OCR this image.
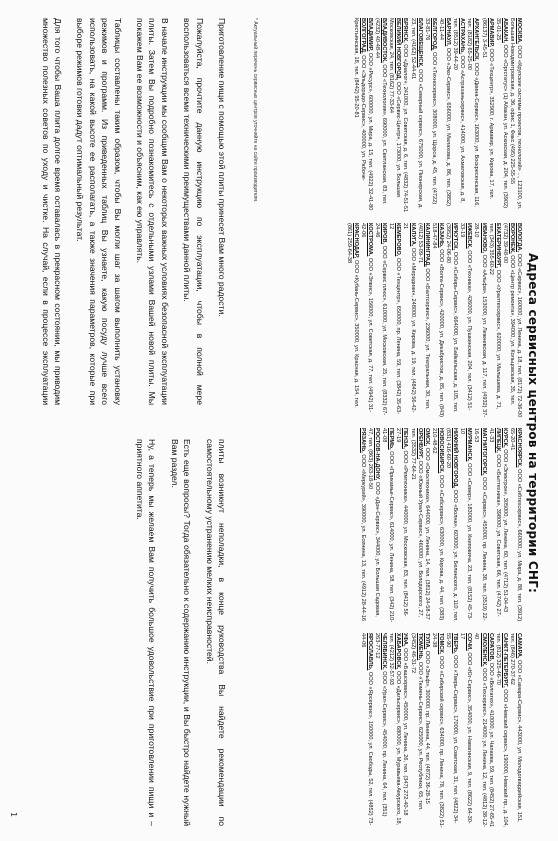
Адреса сервисных центров на территории СНГ:

МОСКВА, ООО «Крупские системы проектов, технологий» ..., 123100, ул. Большая Новодмитровская, д. 36, офис 1, Факс (495) 225-55-55

АБАКАН, ООО «Оргстатус» (1) Абакан, ул. Аскизская, д. 204, тел. (3902) 35-01-25

АРМАВИР, ООО «Техцентр», 352900, г. Армавир, ул. Кирова, 17, тел. (86137) 3-45-51

АРХАНГЕЛЬСК, ООО «Двина-Сервис», 163000, ул. Воскресенская, 116, тел. (8182) 65-25-00

АСТРАХАНЬ, ООО «Астраханьсервис», 414000, ул. Ахматовская, д. 8, тел. (8512) 39-44-20

БАРНАУЛ, ООО «Эко-Сервис», 656000, ул. Малахова, д. 86, тел. (3852) 40-11-44

БЕЛГОРОД, ООО «Техносервис», 308000, ул. Щорса, д. 45, тел. (4722) 33-81-76

БЛАГОВЕЩЕНСК, ООО «Северный сервис», 675000, ул. Пионерская, д. 23, тел. (4162) 52-44-61

БРЯНСК, ООО «Диалог», 241000, ул. Советская, д. 6, тел. (4832) 74-51-51

ВЕЛИКИЙ НОВГОРОД, ООО «Сервис-Центр», 173000, ул. Большая Московская, 24, тел. (8162) 77-33-64

ВЛАДИВОСТОК, ООО «Технология», 690000, ул. Светланская, 83, тел. (4232) 40-48-44

ВЛАДИМИР, ООО «Ресурс», 600000, ул. Мира, д. 15, тел. (4922) 32-41-80

ВОЛГОГРАД, ООО «Эльдорадо-Сервис», 400000, ул. Рабоче-Крестьянская, 18, тел. (8442) 95-20-81

ВОЛОГДА, ООО «Сервис», 160000, ул. Ленина, д. 18, тел. (8172) 72-36-00

ВОРОНЕЖ, ООО «Центр ремонта», 394000, ул. Кольцовская, 35, тел. (4732) 39-48-00

ЕКАТЕРИНБУРГ, ООО «Уралтехсервис», 620000, ул. Малышева, д. 71, тел. (343) 355-60-22

ИВАНОВО, ООО «Альфа», 153000, ул. Лежневская, д. 117, тел. (4932) 37-28-10

ИЖЕВСК, ООО «Техника», 426000, ул. Пушкинская, 204, тел. (3412) 51-33-19

ИРКУТСК, ООО «Сибирь-Сервис», 664000, ул. Байкальская, д. 105, тел. (3952) 24-06-80

КАЗАНЬ, ООО «Волга-Сервис», 420000, ул. Декабристов, д. 85, тел. (843) 518-47-84

КАЛИНИНГРАД, ООО «Балтсервис», 236000, ул. Театральная, 30, тел. (4012) 53-09-71

КАЛУГА, ООО «Меридиан», 248000, ул. Кирова, д. 19, тел. (4842) 56-42-21

КЕМЕРОВО, ООО «Техцентр», 650000, пр. Ленина, 59, тел. (3842) 35-63-12

КИРОВ, ООО «Сервис плюс», 610000, ул. Московская, 25, тел. (8332) 67-24-46

КОСТРОМА, ООО «Элвис», 156000, ул. Советская, д. 77, тел. (4942) 31-42-06

КРАСНОДАР, ООО «Кубань-Сервис», 350000, ул. Красная, д. 154, тел. (861) 259-64-38

КРАСНОЯРСК, ООО «Сибтехсервис», 660000, ул. Мира, д. 88, тел. (3912) 65-20-41

КУРСК, ООО «Электрон», 305000, ул. Ленина, 60, тел. (4712) 51-04-43

ЛИПЕЦК, ООО «Быттехника», 398000, ул. Советская, 66, тел. (4742) 27-41-33

МАГНИТОГОРСК, ООО «Сервис», 455000, пр. Ленина, 38, тел. (3519) 22-16-53

МУРМАНСК, ООО «Север», 183000, ул. Книповича, 23, тел. (8152) 45-73-10

НИЖНИЙ НОВГОРОД, ООО «Волна», 603000, ул. Белинского, д. 110, тел. (831) 416-60-20

НОВОСИБИРСК, ООО «Сибсервис», 630000, ул. Кирова, д. 44, тел. (383) 210-48-62

ОМСК, ООО «Омсктехника», 644000, ул. Ленина, 14, тел. (3812) 24-58-37

ОРЕНБУРГ, ООО «Южный Урал-Сервис», 460000, ул. Володарского, 27, тел. (3532) 77-64-21

ПЕНЗА, ООО «Ремтехника», 440000, ул. Московская, 83, тел. (8412) 56-27-19

ПЕРМЬ, ООО «Прикамье-Сервис», 614000, ул. Ленина, 58, тел. (342) 210-41-08

РОСТОВ-НА-ДОНУ, ООО «Дон-Сервис», 344000, ул. Большая Садовая, 47, тел. (863) 263-18-50

РЯЗАНЬ, ООО «Меркурий», 390000, ул. Есенина, 13, тел. (4912) 28-44-16

САМАРА, ООО «Самара-Сервис», 443000, ул. Молодогвардейская, 151, тел. (846) 270-37-62

САНКТ-ПЕТЕРБУРГ, ООО «Невский сервис», 190000, Невский пр., д. 104, тел. (812) 325-46-70

САРАТОВ, ООО «Волгатех», 410000, ул. Чапаева, 59, тел. (8452) 27-65-41

СМОЛЕНСК, ООО «Техсервис», 214000, ул. Ленина, 12, тел. (4812) 38-12-40

СОЧИ, ООО «Юг-Сервис», 354000, ул. Навагинская, 9, тел. (8622) 64-30-17

ТВЕРЬ, ООО «Тверь-Сервис», 170000, ул. Советская, 31, тел. (4822) 34-55-90

ТОМСК, ООО «Сибирский сервис», 634000, пр. Ленина, 78, тел. (3822) 51-24-38

ТУЛА, ООО «Эльф», 300000, пр. Ленина, 44, тел. (4872) 36-28-15

ТЮМЕНЬ, ООО «Тюмень-Сервис», 625000, ул. Республики, 65, тел. (3452) 46-31-72

УФА, ООО «Башсервис», 450000, ул. Ленина, 26, тел. (347) 272-40-18

ХАБАРОВСК, ООО «Дальсервис», 680000, ул. Муравьева-Амурского, 18, тел. (4212) 32-57-93

ЧЕЛЯБИНСК, ООО «Урал-Сервис», 454000, пр. Ленина, 64, тел. (351) 263-77-12

ЯРОСЛАВЛЬ, ООО «Ярсервис», 150000, ул. Свободы, 52, тел. (4852) 73-44-06

* Актуальный перечень сервисных центров уточняйте на сайте производителя.

Приготовление пищи с помощью этой плиты принесет Вам много радости.

Пожалуйста, прочтите данную инструкцию по эксплуатации, чтобы в полной мере воспользоваться всеми техническими преимуществами данной плиты.

В начале инструкции мы сообщим Вам о некоторых важных условиях безопасной эксплуатации плиты. Затем Вы подробно познакомитесь с отдельными узлами Вашей новой плиты. Мы покажем Вам ее возможности и объясним, как ею управлять.

Таблицы составлены таким образом, чтобы Вы могли шаг за шагом выполнить установку режимов и программ. Из приведенных таблиц Вы узнаете, какую посуду лучше всего использовать, на какой высоте ее располагать, а также значения параметров, которые при выборе режимов готовки дадут оптимальный результат.

Для того чтобы Ваша плита долгое время оставалась в прекрасном состоянии, мы приводим множество полезных советов по уходу и чистке. На случай, если в процессе эксплуатации плиты возникнут неполадки, в конце руководства Вы найдете рекомендации по самостоятельному устранению мелких неисправностей.

Есть еще вопросы? Тогда обязательно к содержанию инструкции, и Вы быстро найдете нужный Вам раздел.

Ну, а теперь мы желаем Вам получить большое удовольствие при приготовлении пищи и – приятного аппетита.

1
